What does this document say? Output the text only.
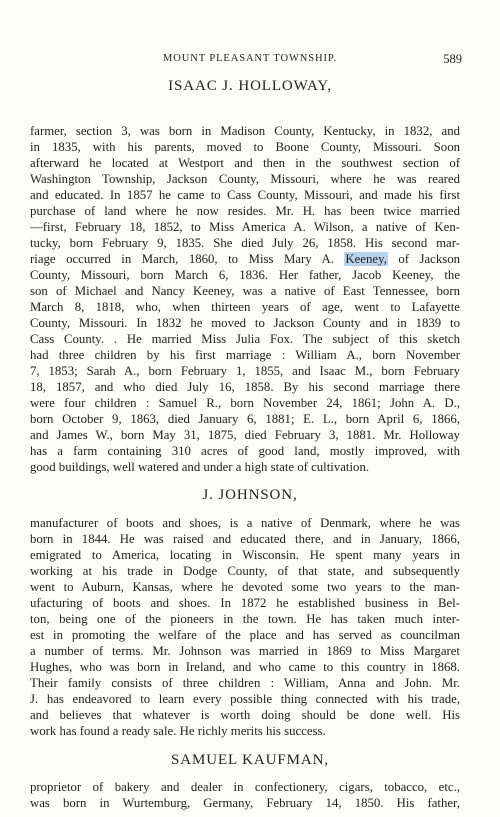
MOUNT PLEASANT TOWNSHIP.	589
ISAAC J. HOLLOWAY,
farmer, section 3, was born in Madison County, Kentucky, in 1832, and
in 1835, with his parents, moved to Boone County, Missouri. Soon
afterward he located at Westport and then in the southwest section of
Washington Township, Jackson County, Missouri, where he was reared
and educated. In 1857 he came to Cass County, Missouri, and made his first
purchase of land where he now resides. Mr. H. has been twice married
—first, February 18, 1852, to Miss America A. Wilson, a native of Ken-
tucky, born February 9, 1835. She died July 26, 1858. His second mar-
riage occurred in March, 1860, to Miss Mary A. Keeney, of Jackson
County, Missouri, born March 6, 1836. Her father, Jacob Keeney, the
son of Michael and Nancy Keeney, was a native of East Tennessee, born
March 8, 1818, who, when thirteen years of age, went to Lafayette
County, Missouri. In 1832 he moved to Jackson County and in 1839 to
Cass County. . He married Miss Julia Fox. The subject of this sketch
had three children by his first marriage : William A., born November
7, 1853; Sarah A., born February 1, 1855, and Isaac M., born February
18, 1857, and who died July 16, 1858. By his second marriage there
were four children : Samuel R., born November 24, 1861; John A. D.,
born October 9, 1863, died January 6, 1881; E. L., born April 6, 1866,
and James W., born May 31, 1875, died February 3, 1881. Mr. Holloway
has a farm containing 310 acres of good land, mostly improved, with
good buildings, well watered and under a high state of cultivation.
J. JOHNSON,
manufacturer of boots and shoes, is a native of Denmark, where he was
born in 1844. He was raised and educated there, and in January, 1866,
emigrated to America, locating in Wisconsin. He spent many years in
working at his trade in Dodge County, of that state, and subsequently
went to Auburn, Kansas, where he devoted some two years to the man-
ufacturing of boots and shoes. In 1872 he established business in Bel-
ton, being one of the pioneers in the town. He has taken much inter-
est in promoting the welfare of the place and has served as councilman
a number of terms. Mr. Johnson was married in 1869 to Miss Margaret
Hughes, who was born in Ireland, and who came to this country in 1868.
Their family consists of three children : William, Anna and John. Mr.
J. has endeavored to learn every possible thing connected with his trade,
and believes that whatever is worth doing should be done well. His
work has found a ready sale. He richly merits his success.
SAMUEL KAUFMAN,
proprietor of bakery and dealer in confectionery, cigars, tobacco, etc.,
was born in Wurtemburg, Germany, February 14, 1850. His father,
